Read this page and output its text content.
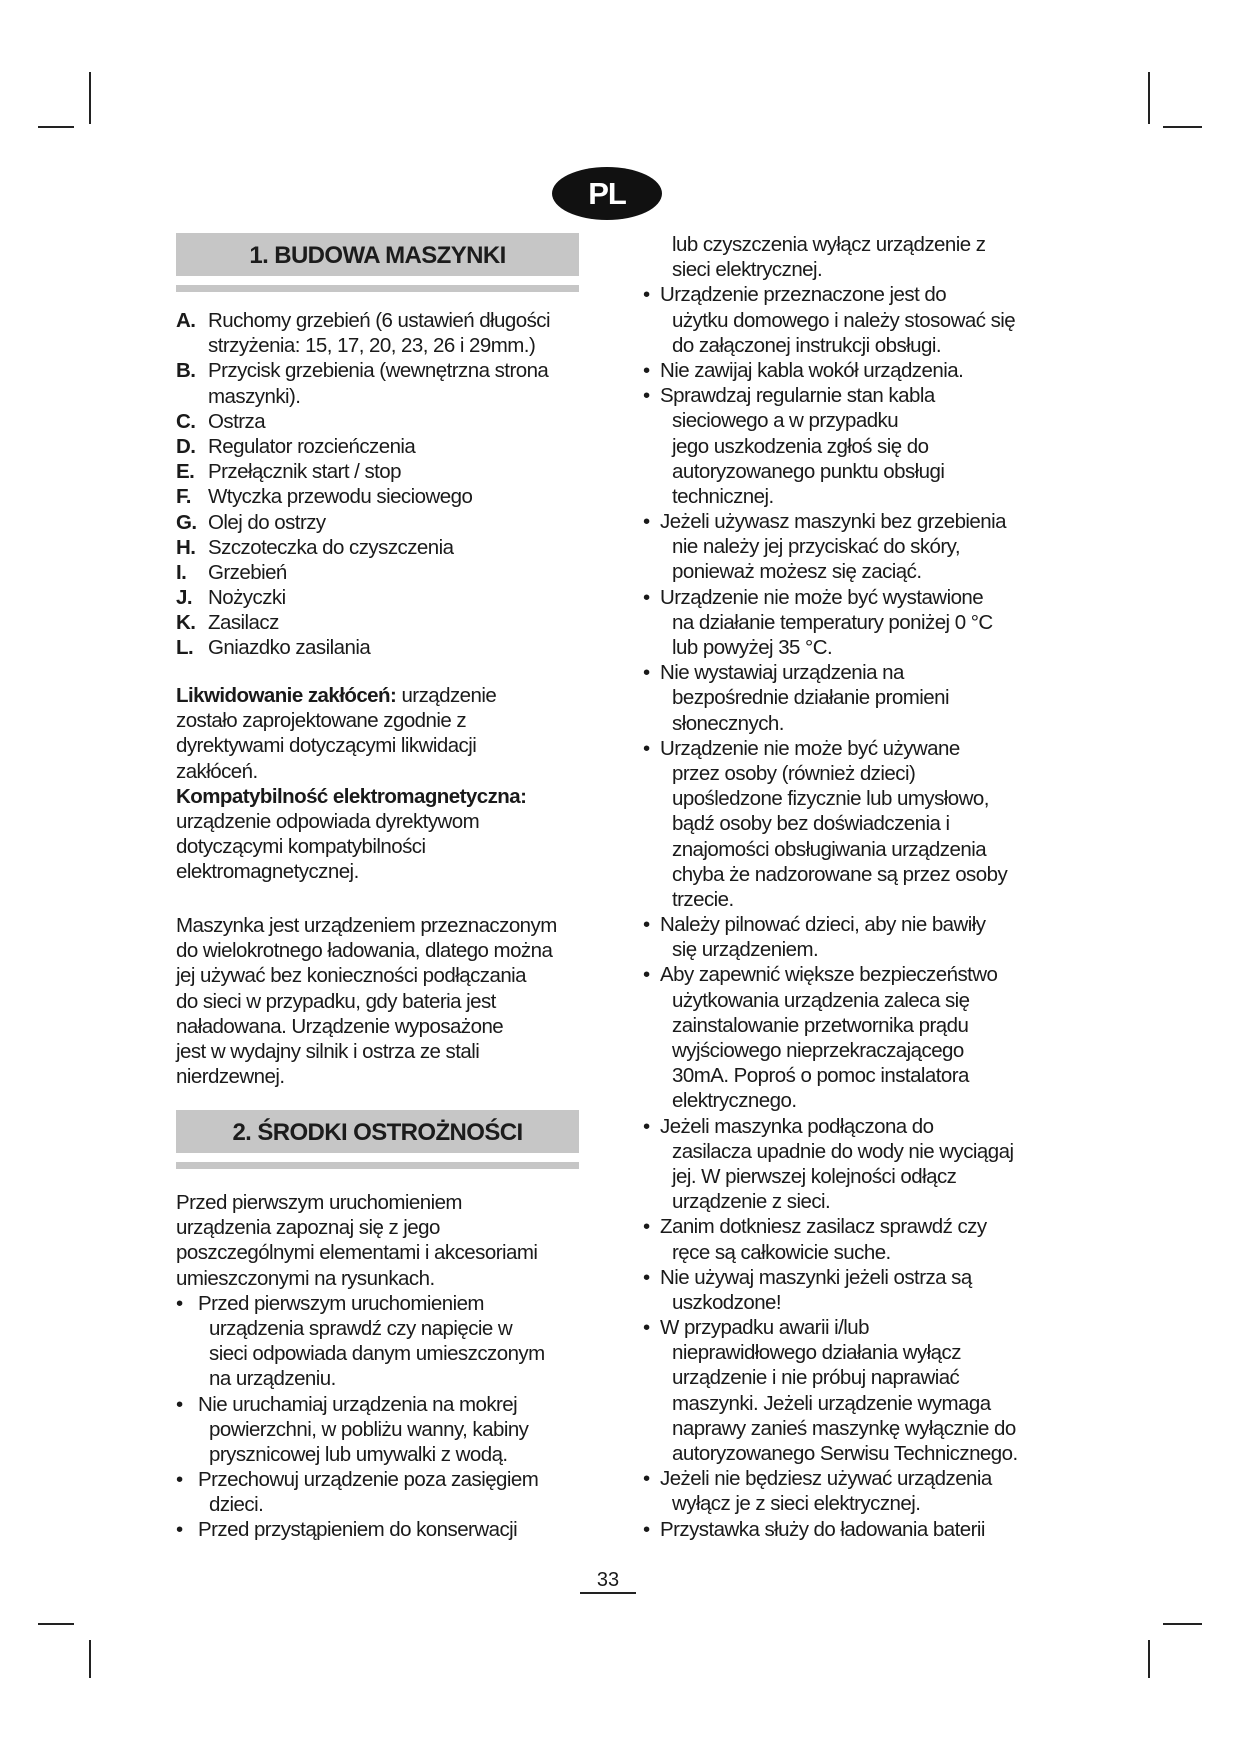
PL
1. BUDOWA MASZYNKI
A. Ruchomy grzebień (6 ustawień długości
strzyżenia: 15, 17, 20, 23, 26 i 29mm.)
B. Przycisk grzebienia (wewnętrzna strona
maszynki).
C. Ostrza
D. Regulator rozcieńczenia
E. Przełącznik start / stop
F. Wtyczka przewodu sieciowego
G. Olej do ostrzy
H. Szczoteczka do czyszczenia
I. Grzebień
J. Nożyczki
K. Zasilacz
L. Gniazdko zasilania
Likwidowanie zakłóceń: urządzenie
zostało zaprojektowane zgodnie z
dyrektywami dotyczącymi likwidacji
zakłóceń.
Kompatybilność elektromagnetyczna:
urządzenie odpowiada dyrektywom
dotyczącymi kompatybilności
elektromagnetycznej.
Maszynka jest urządzeniem przeznaczonym
do wielokrotnego ładowania, dlatego można
jej używać bez konieczności podłączania
do sieci w przypadku, gdy bateria jest
naładowana. Urządzenie wyposażone
jest w wydajny silnik i ostrza ze stali
nierdzewnej.
2. ŚRODKI OSTROŻNOŚCI
Przed pierwszym uruchomieniem
urządzenia zapoznaj się z jego
poszczególnymi elementami i akcesoriami
umieszczonymi na rysunkach.
• Przed pierwszym uruchomieniem
urządzenia sprawdź czy napięcie w
sieci odpowiada danym umieszczonym
na urządzeniu.
• Nie uruchamiaj urządzenia na mokrej
powierzchni, w pobliżu wanny, kabiny
prysznicowej lub umywalki z wodą.
• Przechowuj urządzenie poza zasięgiem
dzieci.
• Przed przystąpieniem do konserwacji
lub czyszczenia wyłącz urządzenie z
sieci elektrycznej.
• Urządzenie przeznaczone jest do
użytku domowego i należy stosować się
do załączonej instrukcji obsługi.
• Nie zawijaj kabla wokół urządzenia.
• Sprawdzaj regularnie stan kabla
sieciowego a w przypadku
jego uszkodzenia zgłoś się do
autoryzowanego punktu obsługi
technicznej.
• Jeżeli używasz maszynki bez grzebienia
nie należy jej przyciskać do skóry,
ponieważ możesz się zaciąć.
• Urządzenie nie może być wystawione
na działanie temperatury poniżej 0 °C
lub powyżej 35 °C.
• Nie wystawiaj urządzenia na
bezpośrednie działanie promieni
słonecznych.
• Urządzenie nie może być używane
przez osoby (również dzieci)
upośledzone fizycznie lub umysłowo,
bądź osoby bez doświadczenia i
znajomości obsługiwania urządzenia
chyba że nadzorowane są przez osoby
trzecie.
• Należy pilnować dzieci, aby nie bawiły
się urządzeniem.
• Aby zapewnić większe bezpieczeństwo
użytkowania urządzenia zaleca się
zainstalowanie przetwornika prądu
wyjściowego nieprzekraczającego
30mA. Poproś o pomoc instalatora
elektrycznego.
• Jeżeli maszynka podłączona do
zasilacza upadnie do wody nie wyciągaj
jej. W pierwszej kolejności odłącz
urządzenie z sieci.
• Zanim dotkniesz zasilacz sprawdź czy
ręce są całkowicie suche.
• Nie używaj maszynki jeżeli ostrza są
uszkodzone!
• W przypadku awarii i/lub
nieprawidłowego działania wyłącz
urządzenie i nie próbuj naprawiać
maszynki. Jeżeli urządzenie wymaga
naprawy zanieś maszynkę wyłącznie do
autoryzowanego Serwisu Technicznego.
• Jeżeli nie będziesz używać urządzenia
wyłącz je z sieci elektrycznej.
• Przystawka służy do ładowania baterii
33
